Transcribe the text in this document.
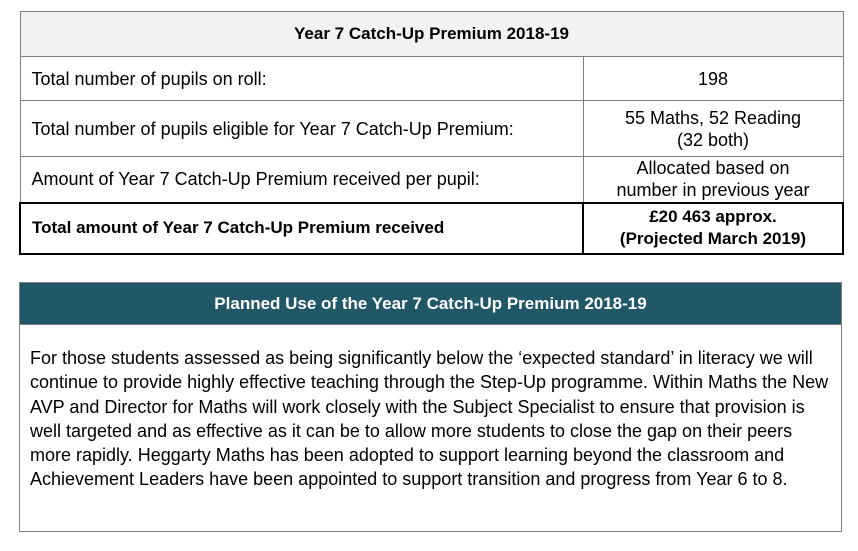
Year 7 Catch-Up Premium 2018-19	
Total number of pupils on roll:	198

Total number of pupils eligible for Year 7 Catch-Up Premium:	55 Maths, 52 Reading
(32 both)

Amount of Year 7 Catch-Up Premium received per pupil:	Allocated based on
number in previous year

Total amount of Year 7 Catch-Up Premium received	£20 463 approx.
(Projected March 2019)
Planned Use of the Year 7 Catch-Up Premium 2018-19
For those students assessed as being significantly below the ‘expected standard’ in literacy we will continue to provide highly effective teaching through the Step-Up programme. Within Maths the New AVP and Director for Maths will work closely with the Subject Specialist to ensure that provision is well targeted and as effective as it can be to allow more students to close the gap on their peers more rapidly. Heggarty Maths has been adopted to support learning beyond the classroom and Achievement Leaders have been appointed to support transition and progress from Year 6 to 8.
